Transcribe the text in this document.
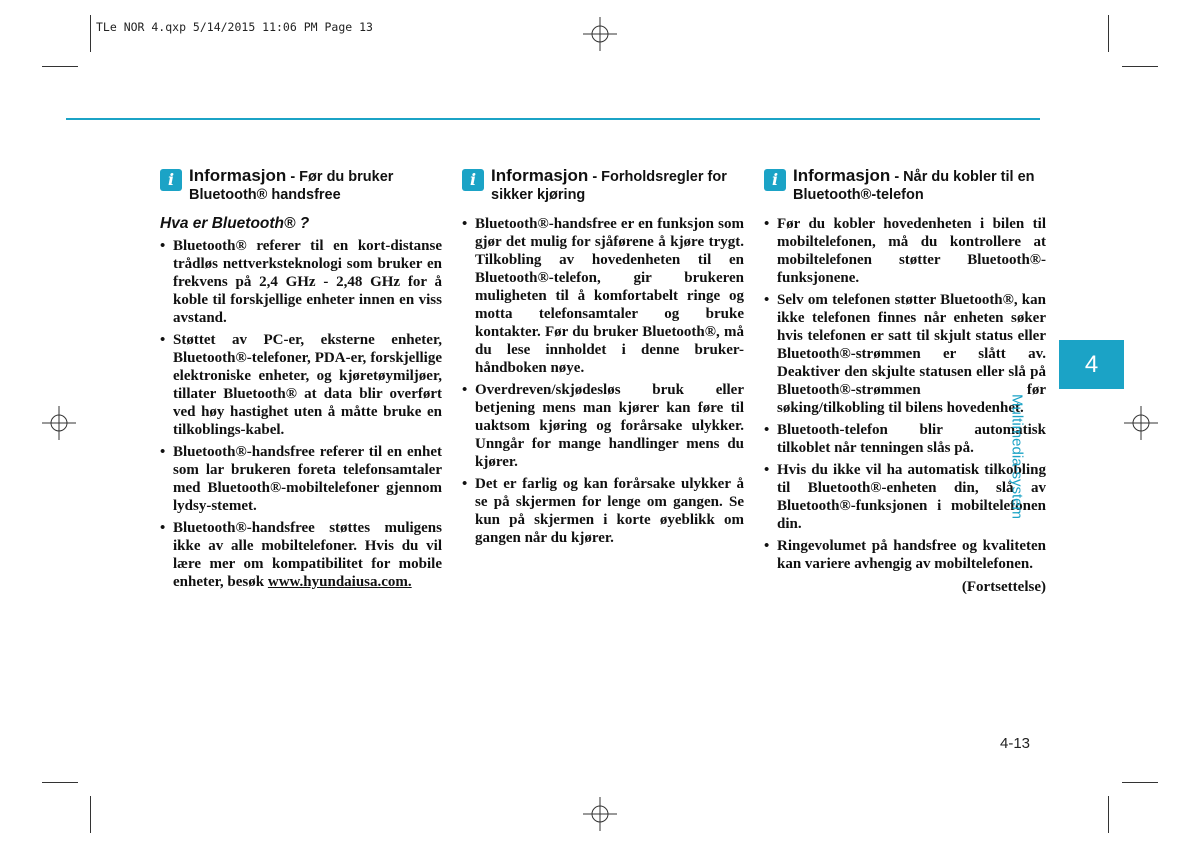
TLe NOR 4.qxp 5/14/2015 11:06 PM Page 13
i Informasjon - Før du bruker Bluetooth® handsfree
Hva er Bluetooth® ?
• Bluetooth® referer til en kort-distanse trådløs nettverksteknologi som bruker en frekvens på 2,4 GHz - 2,48 GHz for å koble til forskjellige enheter innen en viss avstand.
• Støttet av PC-er, eksterne enheter, Bluetooth®-telefoner, PDA-er, forskjellige elektroniske enheter, og kjøretøymiljøer, tillater Bluetooth® at data blir overført ved høy hastighet uten å måtte bruke en tilkoblings-kabel.
• Bluetooth®-handsfree referer til en enhet som lar brukeren foreta telefonsamtaler med Bluetooth®-mobiltelefoner gjennom lydsy-stemet.
• Bluetooth®-handsfree støttes muligens ikke av alle mobiltelefoner. Hvis du vil lære mer om kompatibilitet for mobile enheter, besøk www.hyundaiusa.com.
i Informasjon - Forholdsregler for sikker kjøring
• Bluetooth®-handsfree er en funksjon som gjør det mulig for sjåførene å kjøre trygt. Tilkobling av hovedenheten til en Bluetooth®-telefon, gir brukeren muligheten til å komfortabelt ringe og motta telefonsamtaler og bruke kontakter. Før du bruker Bluetooth®, må du lese innholdet i denne bruker-håndboken nøye.
• Overdreven/skjødesløs bruk eller betjening mens man kjører kan føre til uaktsom kjøring og forårsake ulykker. Unngår for mange handlinger mens du kjører.
• Det er farlig og kan forårsake ulykker å se på skjermen for lenge om gangen. Se kun på skjermen i korte øyeblikk om gangen når du kjører.
i Informasjon - Når du kobler til en Bluetooth®-telefon
• Før du kobler hovedenheten i bilen til mobiltelefonen, må du kontrollere at mobiltelefonen støtter Bluetooth®-funksjonene.
• Selv om telefonen støtter Bluetooth®, kan ikke telefonen finnes når enheten søker hvis telefonen er satt til skjult status eller Bluetooth®-strømmen er slått av. Deaktiver den skjulte statusen eller slå på Bluetooth®-strømmen før søking/tilkobling til bilens hovedenhet.
• Bluetooth-telefon blir automatisk tilkoblet når tenningen slås på.
• Hvis du ikke vil ha automatisk tilkobling til Bluetooth®-enheten din, slå av Bluetooth®-funksjonen i mobiltelefonen din.
• Ringevolumet på handsfree og kvaliteten kan variere avhengig av mobiltelefonen.
(Fortsettelse)
4
Multimedia-system
4-13
